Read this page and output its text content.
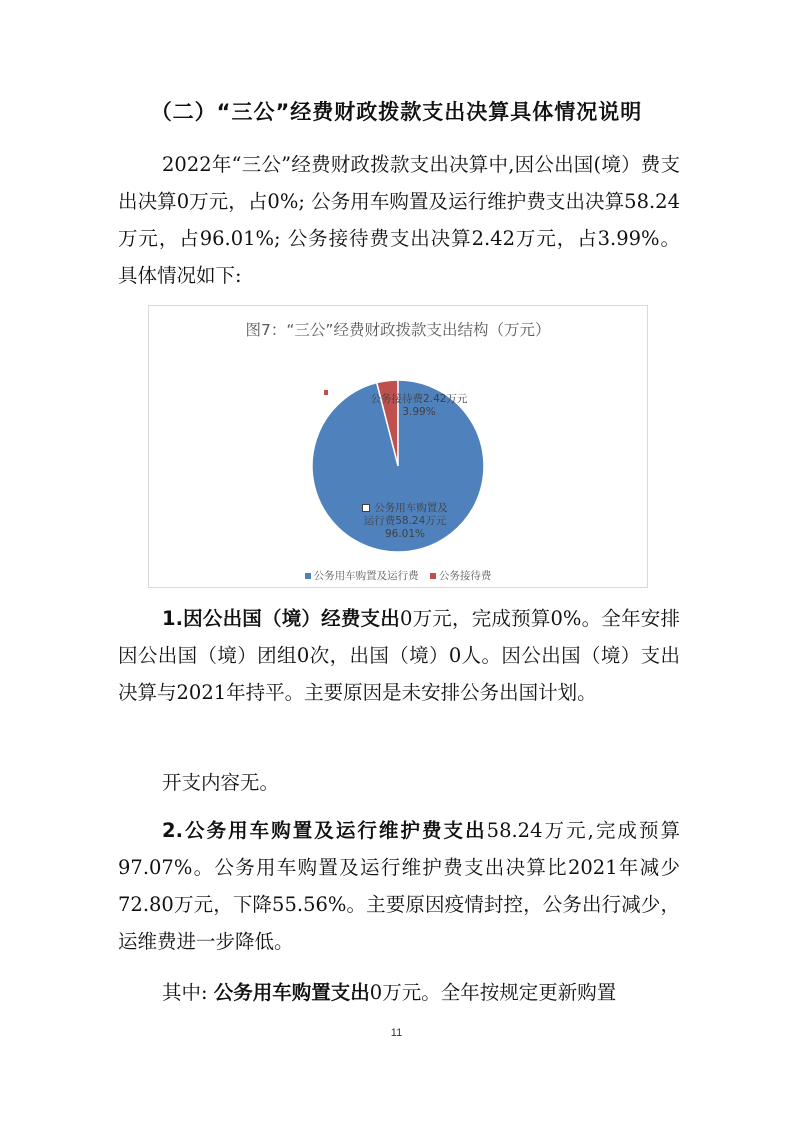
（二）“三公”经费财政拨款支出决算具体情况说明

2022年“三公”经费财政拨款支出决算中,因公出国(境）费支出决算0万元，占0%; 公务用车购置及运行维护费支出决算58.24万元，占96.01%; 公务接待费支出决算2.42万元，占3.99%。具体情况如下:

图7：“三公”经费财政拨款支出结构（万元）
公务接待费2.42万元
3.99%
公务用车购置及
运行费58.24万元
96.01%
公务用车购置及运行费 公务接待费

1.因公出国（境）经费支出0万元，完成预算0%。全年安排因公出国（境）团组0次，出国（境）0人。因公出国（境）支出决算与2021年持平。主要原因是未安排公务出国计划。

开支内容无。

2.公务用车购置及运行维护费支出58.24万元,完成预算97.07%。公务用车购置及运行维护费支出决算比2021年减少72.80万元，下降55.56%。主要原因疫情封控，公务出行减少，运维费进一步降低。

其中: 公务用车购置支出0万元。全年按规定更新购置

11
